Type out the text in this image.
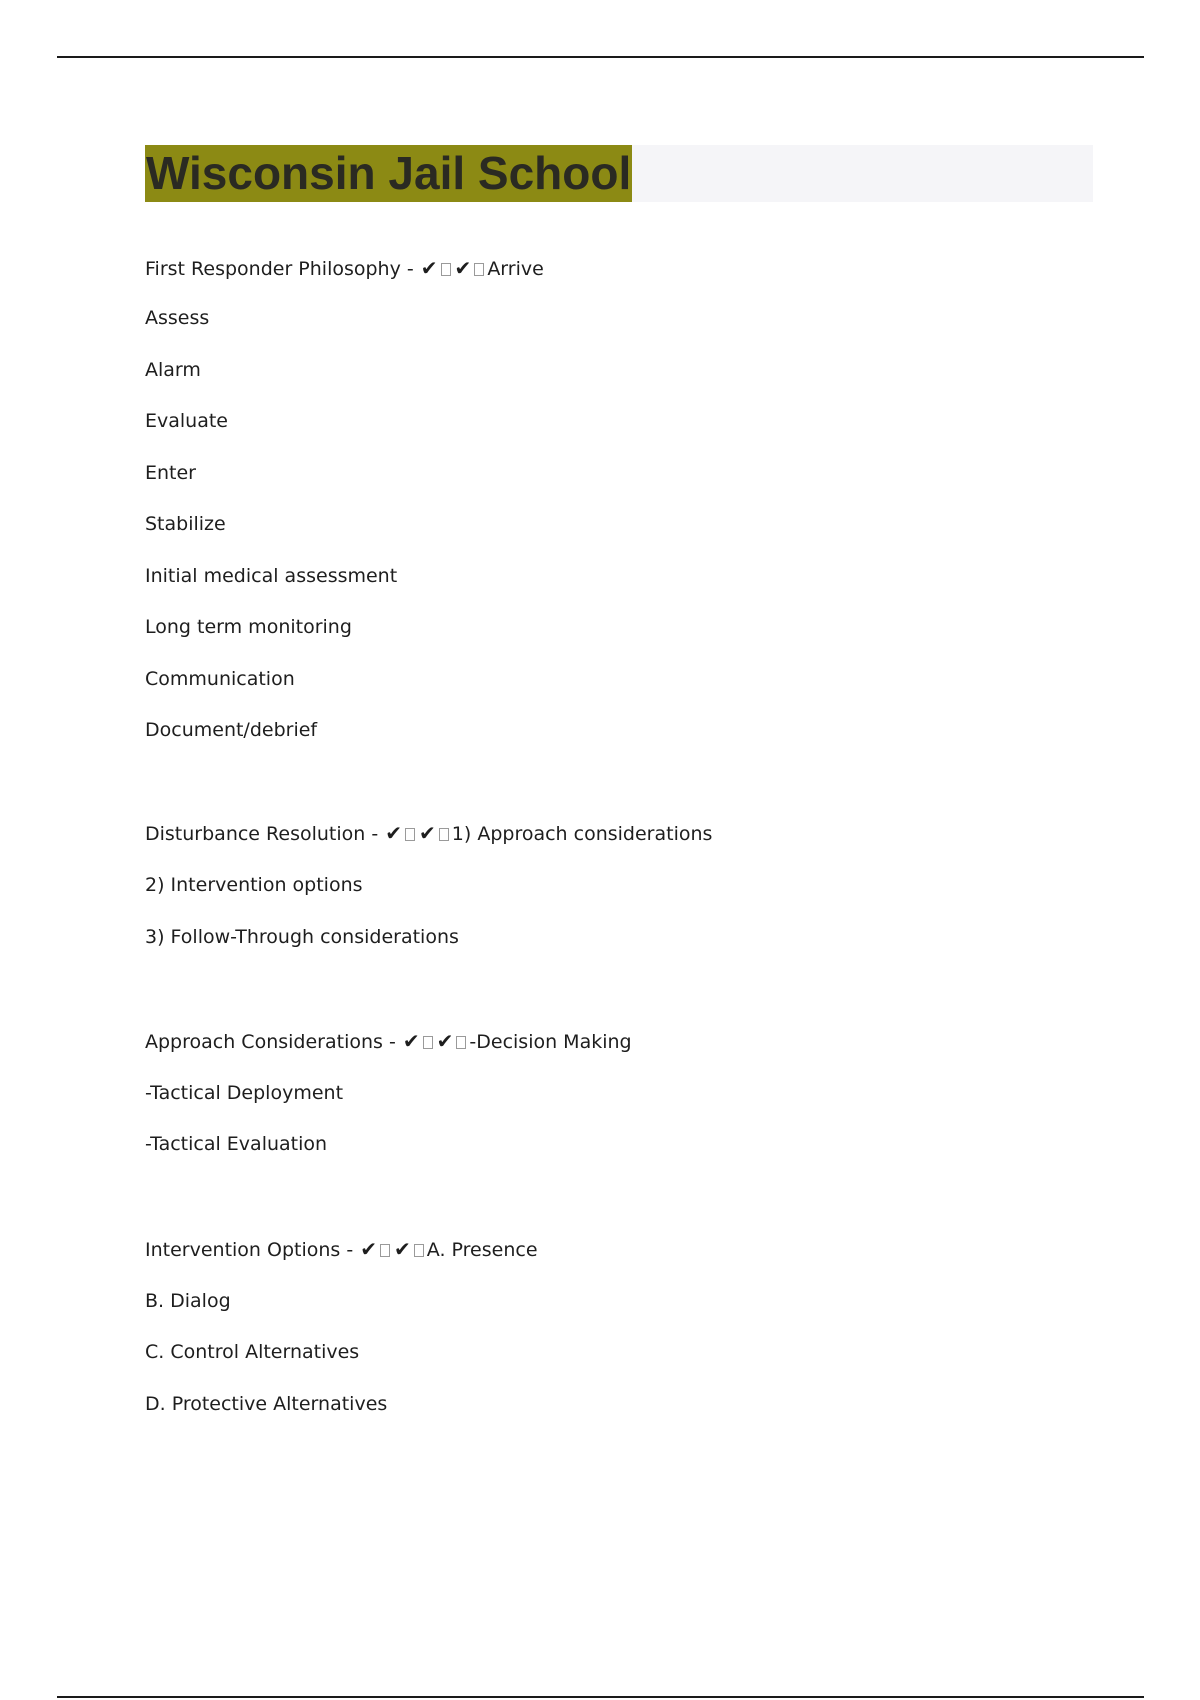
Wisconsin Jail School
First Responder Philosophy - ✔ ✔ Arrive
Assess
Alarm
Evaluate
Enter
Stabilize
Initial medical assessment
Long term monitoring
Communication
Document/debrief
Disturbance Resolution - ✔ ✔ 1) Approach considerations
2) Intervention options
3) Follow-Through considerations
Approach Considerations - ✔ ✔ -Decision Making
-Tactical Deployment
-Tactical Evaluation
Intervention Options - ✔ ✔ A. Presence
B. Dialog
C. Control Alternatives
D. Protective Alternatives
